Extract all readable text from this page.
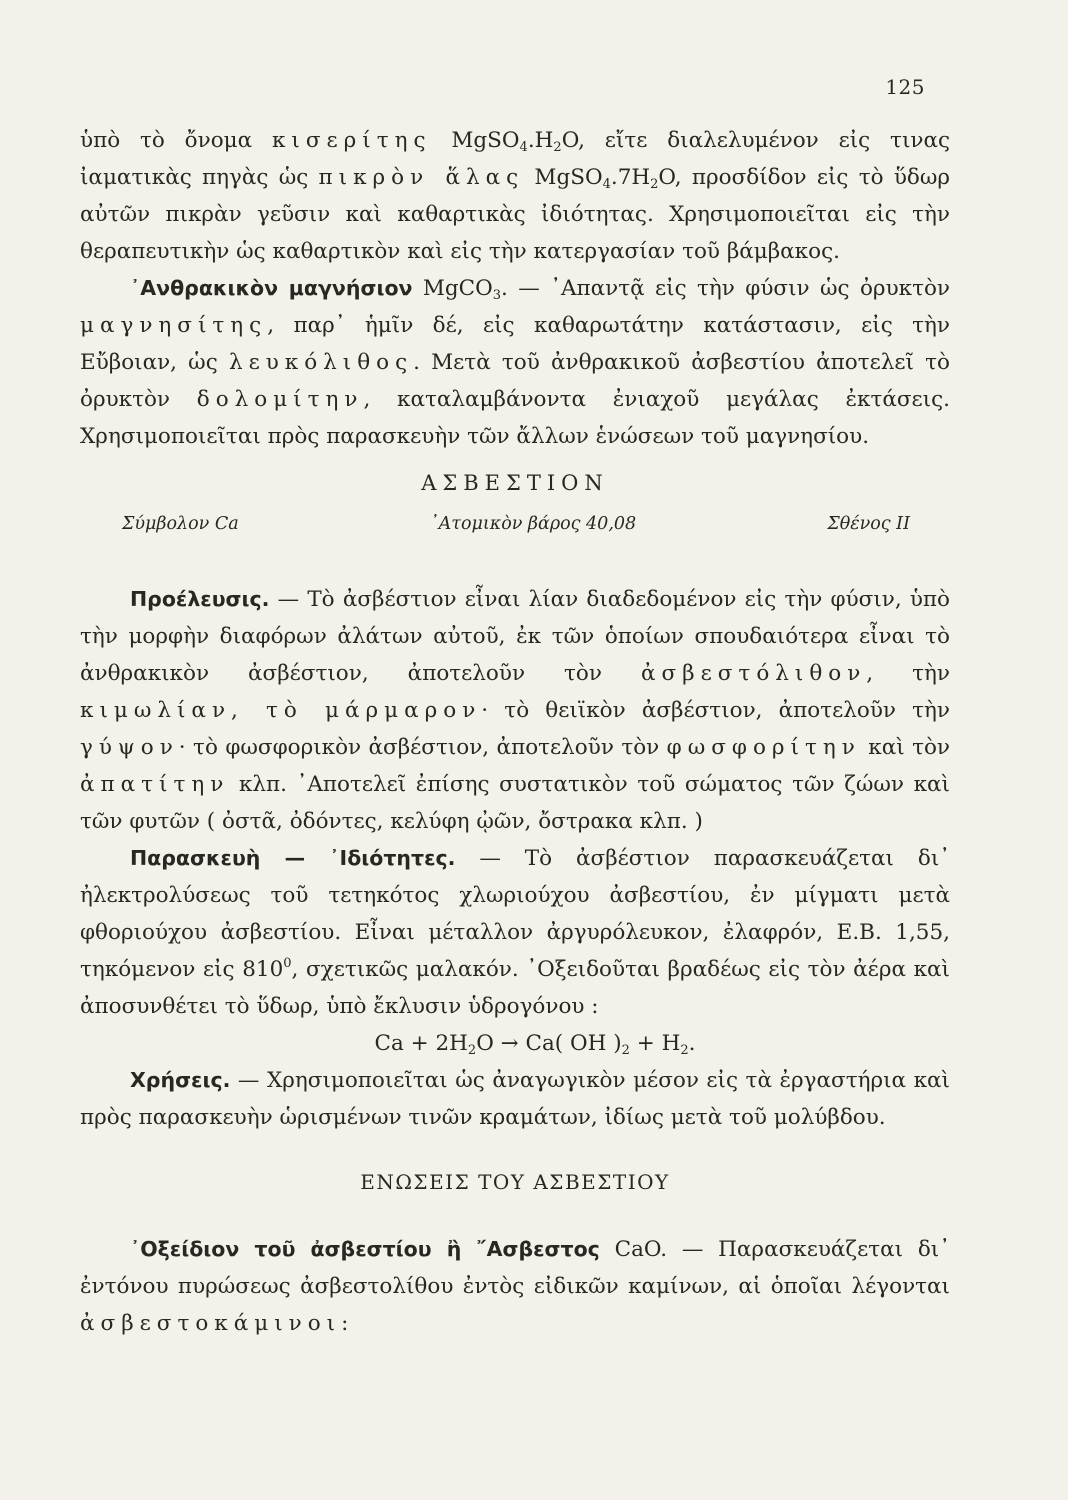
125

ὑπὸ τὸ ὄνομα κισερίτης $MgSO_4.H_2O$, εἴτε διαλελυμένον εἰς τινας ἰαματικὰς πηγὰς ὡς πικρὸν ἅλας $MgSO_4.7H_2O$, προσδίδον εἰς τὸ ὕδωρ αὐτῶν πικρὰν γεῦσιν καὶ καθαρτικὰς ἰδιότητας. Χρησιμοποιεῖται εἰς τὴν θεραπευτικὴν ὡς καθαρτικὸν καὶ εἰς τὴν κατεργασίαν τοῦ βάμβακος.

᾿Ανθρακικὸν μαγνήσιον MgCO$_3$. — ᾿Απαντᾷ εἰς τὴν φύσιν ὡς ὀρυκτὸν μαγνησίτης, παρ᾿ ἡμῖν δέ, εἰς καθαρωτάτην κατάστασιν, εἰς τὴν Εὔβοιαν, ὡς λευκόλιθος. Μετὰ τοῦ ἀνθρακικοῦ ἀσβεστίου ἀποτελεῖ τὸ ὀρυκτὸν δολομίτην, καταλαμβάνοντα ἐνιαχοῦ μεγάλας ἐκτάσεις. Χρησιμοποιεῖται πρὸς παρασκευὴν τῶν ἄλλων ἑνώσεων τοῦ μαγνησίου.

ΑΣΒΕΣΤΙΟΝ
Σύμβολον Ca	᾿Ατομικὸν βάρος 40,08	Σθένος II

Προέλευσις. — Τὸ ἀσβέστιον εἶναι λίαν διαδεδομένον εἰς τὴν φύσιν, ὑπὸ τὴν μορφὴν διαφόρων ἀλάτων αὐτοῦ, ἐκ τῶν ὁποίων σπουδαιότερα εἶναι τὸ ἀνθρακικὸν ἀσβέστιον, ἀποτελοῦν τὸν ἀσβεστόλιθον, τὴν κιμωλίαν, τὸ μάρμαρον· τὸ θειϊκὸν ἀσβέστιον, ἀποτελοῦν τὴν γύψον· τὸ φωσφορικὸν ἀσβέστιον, ἀποτελοῦν τὸν φωσφορίτην καὶ τὸν ἀπατίτην κλπ. ᾿Αποτελεῖ ἐπίσης συστατικὸν τοῦ σώματος τῶν ζώων καὶ τῶν φυτῶν ( ὀστᾶ, ὀδόντες, κελύφη ᾠῶν, ὄστρακα κλπ. )

Παρασκευὴ — ᾿Ιδιότητες. — Τὸ ἀσβέστιον παρασκευάζεται δι᾿ ἠλεκτρολύσεως τοῦ τετηκότος χλωριούχου ἀσβεστίου, ἐν μίγματι μετὰ φθοριούχου ἀσβεστίου. Εἶναι μέταλλον ἀργυρόλευκον, ἐλαφρόν, Ε.Β. 1,55, τηκόμενον εἰς $810^0$, σχετικῶς μαλακόν. ᾿Οξειδοῦται βραδέως εἰς τὸν ἀέρα καὶ ἀποσυνθέτει τὸ ὕδωρ, ὑπὸ ἔκλυσιν ὑδρογόνου :

$Ca + 2H_2O \to Ca$( OH )$_2 + H_2$.

Χρήσεις. — Χρησιμοποιεῖται ὡς ἀναγωγικὸν μέσον εἰς τὰ ἐργαστήρια καὶ πρὸς παρασκευὴν ὡρισμένων τινῶν κραμάτων, ἰδίως μετὰ τοῦ μολύβδου.

ΕΝΩΣΕΙΣ ΤΟΥ ΑΣΒΕΣΤΙΟΥ

᾿Οξείδιον τοῦ ἀσβεστίου ἢ ῎Ασβεστος CaO. — Παρασκευάζεται δι᾿ ἐντόνου πυρώσεως ἀσβεστολίθου ἐντὸς εἰδικῶν καμίνων, αἱ ὁποῖαι λέγονται ἀσβεστοκάμινοι:
